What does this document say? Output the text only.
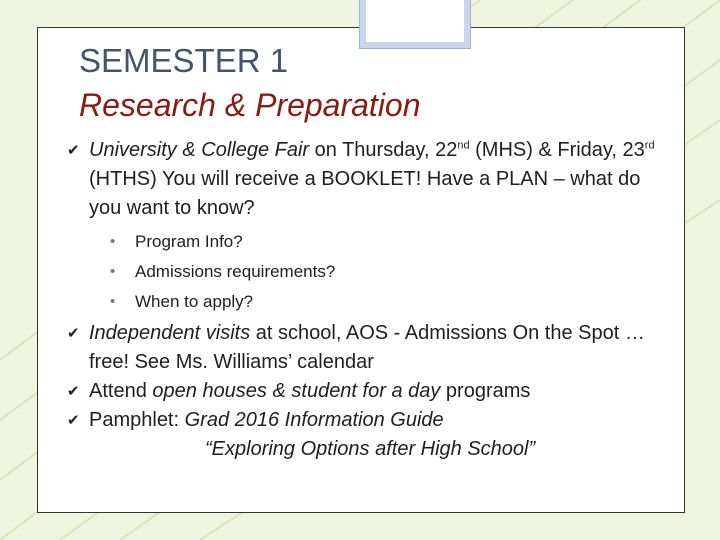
SEMESTER 1
Research & Preparation
✔ University & College Fair on Thursday, 22nd (MHS) & Friday, 23rd (HTHS) You will receive a BOOKLET! Have a PLAN – what do you want to know?
• Program Info?
• Admissions requirements?
• When to apply?
✔ Independent visits at school, AOS - Admissions On the Spot … free! See Ms. Williams’ calendar
✔ Attend open houses & student for a day programs
✔ Pamphlet: Grad 2016 Information Guide
“Exploring Options after High School”
